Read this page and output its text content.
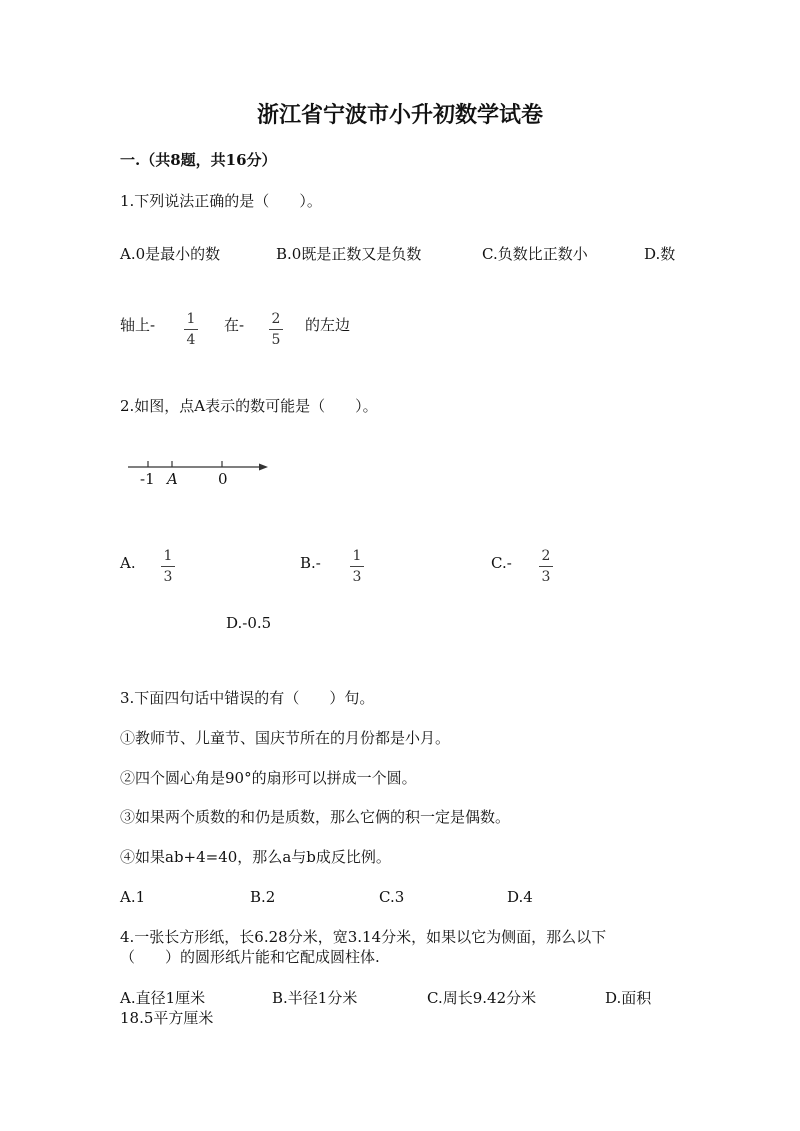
浙江省宁波市小升初数学试卷
一.（共8题，共16分）
1.下列说法正确的是（　　）。
A.0是最小的数	B.0既是正数又是负数	C.负数比正数小	D.数
轴上-	1
4
在-	2
5
的左边
2.如图，点A表示的数可能是（　　）。
-1 A	0
A.	1
3
B.-	1
3
C.-	2
3
D.-0.5
3.下面四句话中错误的有（　　）句。
①教师节、儿童节、国庆节所在的月份都是小月。
②四个圆心角是90°的扇形可以拼成一个圆。
③如果两个质数的和仍是质数，那么它俩的积一定是偶数。
④如果ab+4=40，那么a与b成反比例。
A.1	B.2	C.3	D.4
4.一张长方形纸，长6.28分米，宽3.14分米，如果以它为侧面，那么以下
（　　）的圆形纸片能和它配成圆柱体.
A.直径1厘米	B.半径1分米	C.周长9.42分米	D.面积
18.5平方厘米
